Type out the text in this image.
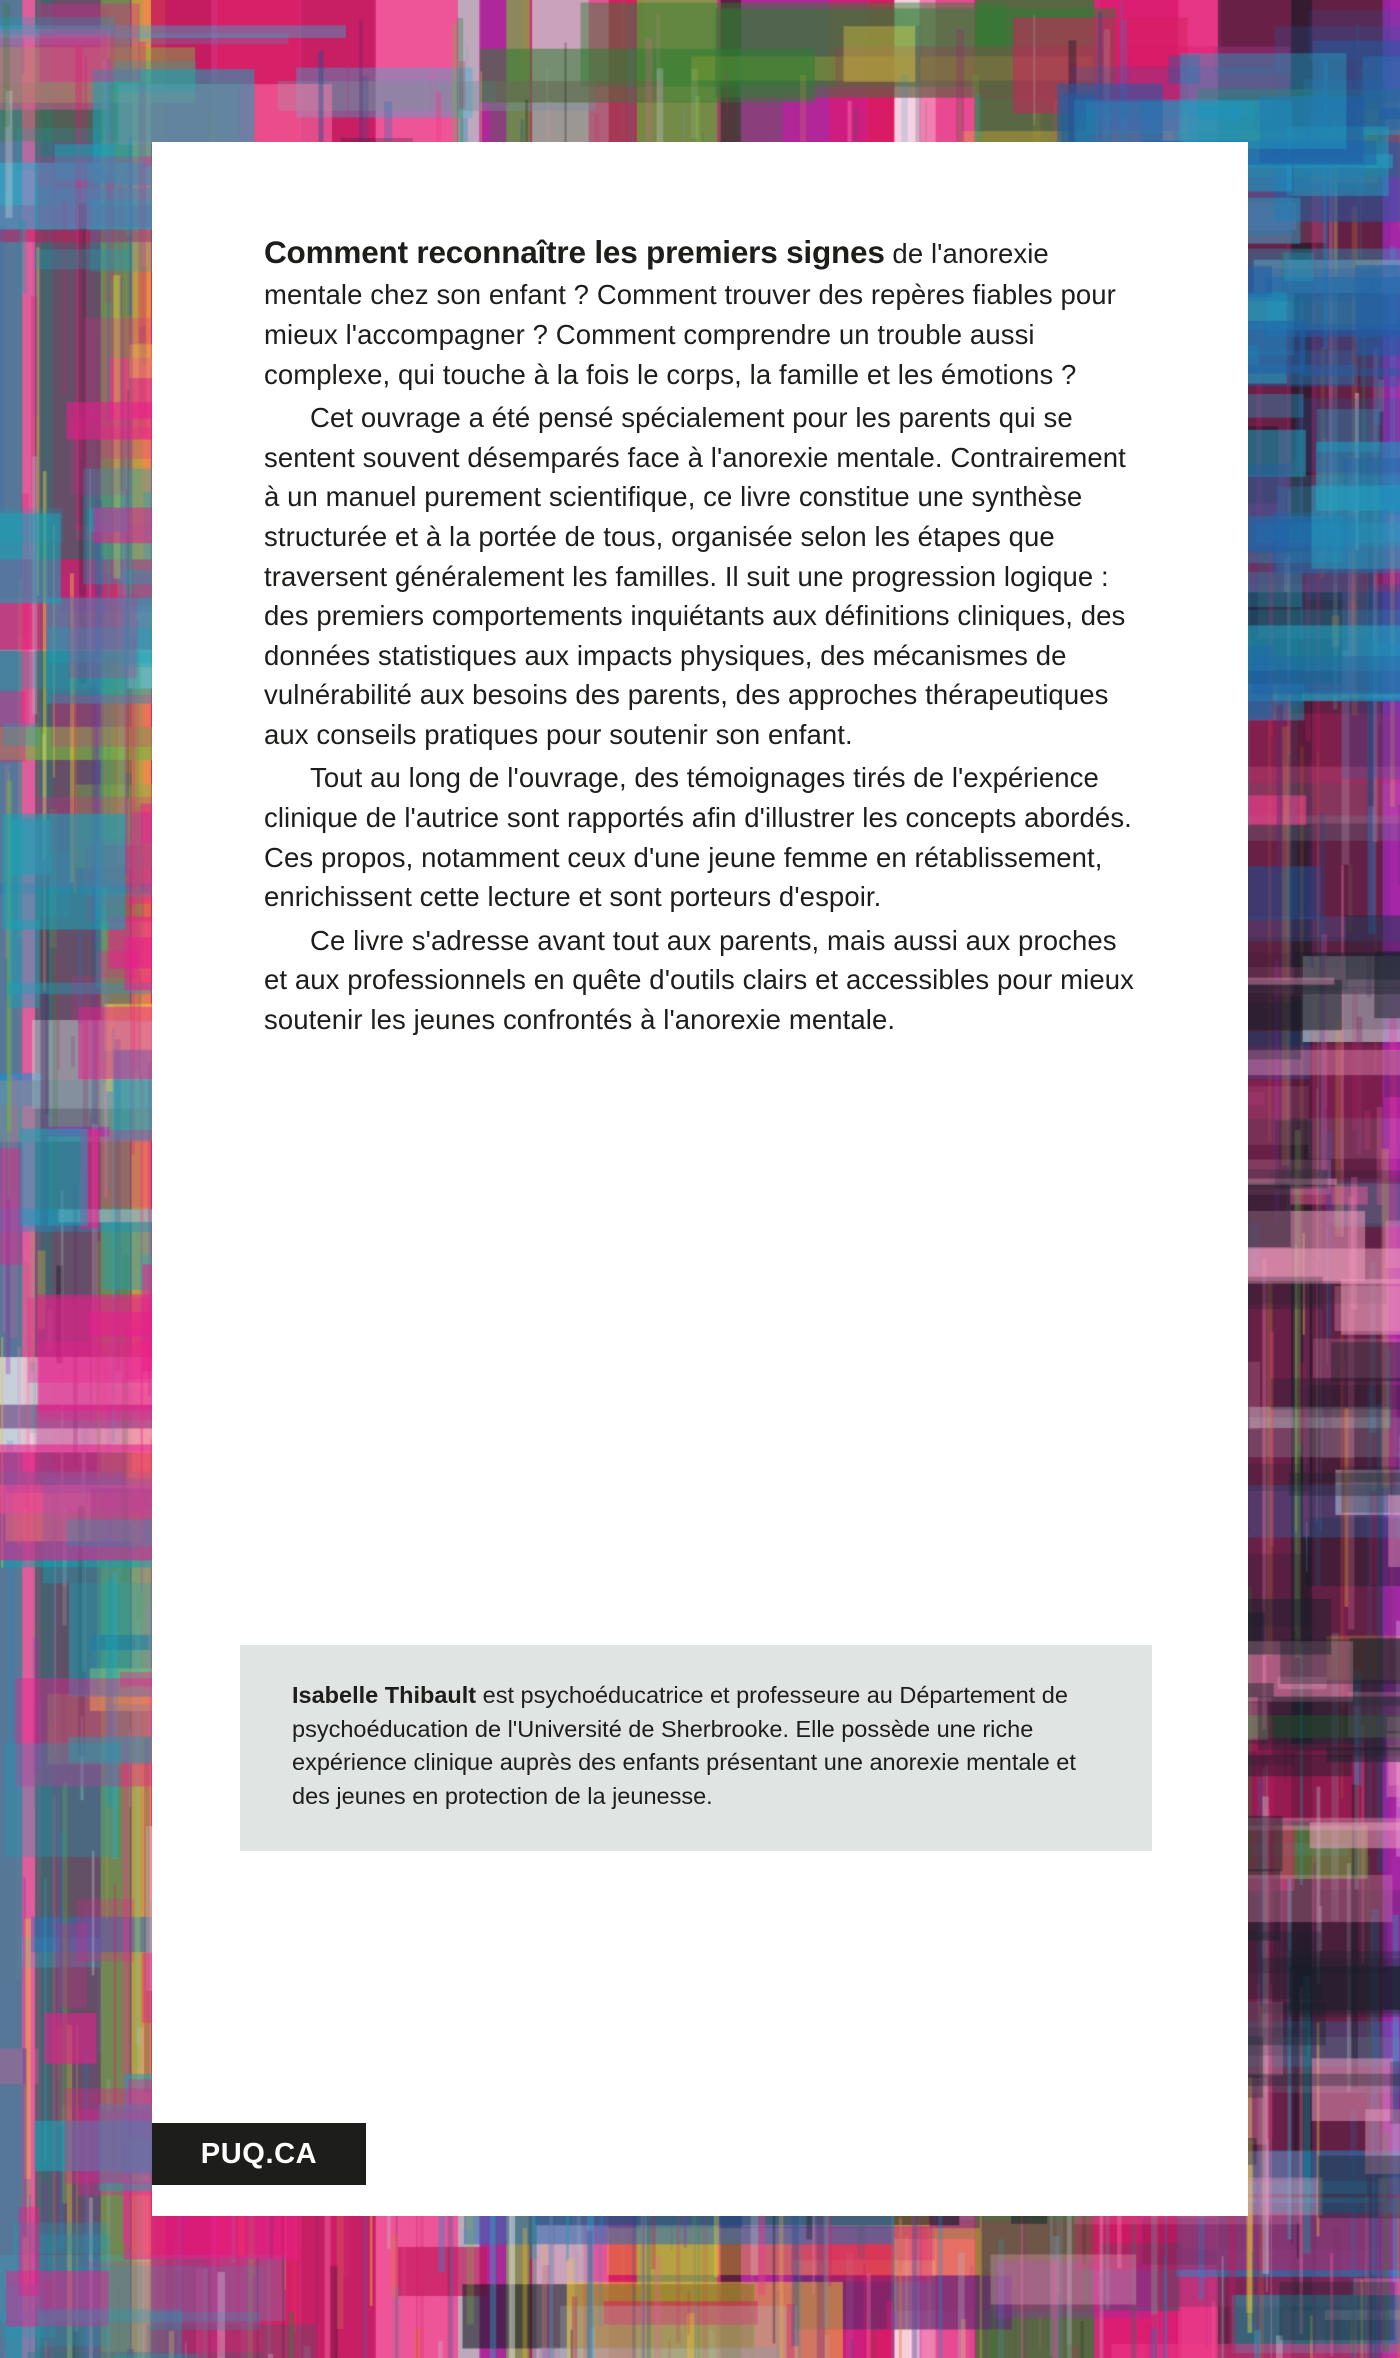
Comment reconnaître les premiers signes de l'anorexie mentale chez son enfant ? Comment trouver des repères fiables pour mieux l'accompagner ? Comment comprendre un trouble aussi complexe, qui touche à la fois le corps, la famille et les émotions ?

Cet ouvrage a été pensé spécialement pour les parents qui se sentent souvent désemparés face à l'anorexie mentale. Contrairement à un manuel purement scientifique, ce livre constitue une synthèse structurée et à la portée de tous, organisée selon les étapes que traversent généralement les familles. Il suit une progression logique : des premiers comportements inquiétants aux définitions cliniques, des données statistiques aux impacts physiques, des mécanismes de vulnérabilité aux besoins des parents, des approches thérapeutiques aux conseils pratiques pour soutenir son enfant.

Tout au long de l'ouvrage, des témoignages tirés de l'expérience clinique de l'autrice sont rapportés afin d'illustrer les concepts abordés. Ces propos, notamment ceux d'une jeune femme en rétablissement, enrichissent cette lecture et sont porteurs d'espoir.

Ce livre s'adresse avant tout aux parents, mais aussi aux proches et aux professionnels en quête d'outils clairs et accessibles pour mieux soutenir les jeunes confrontés à l'anorexie mentale.

Isabelle Thibault est psychoéducatrice et professeure au Département de psychoéducation de l'Université de Sherbrooke. Elle possède une riche expérience clinique auprès des enfants présentant une anorexie mentale et des jeunes en protection de la jeunesse.

PUQ.CA
